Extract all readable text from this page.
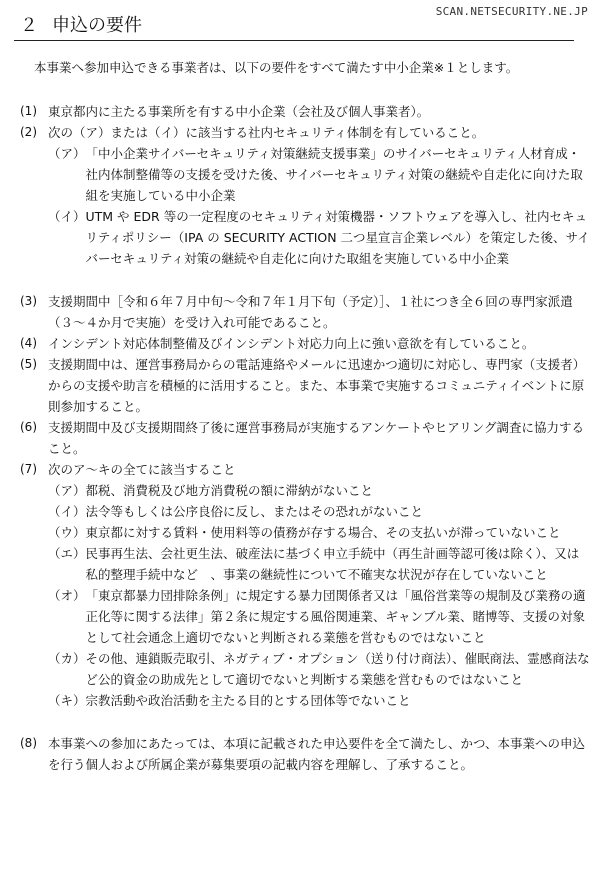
SCAN.NETSECURITY.NE.JP
２ 申込の要件
本事業へ参加申込できる事業者は、以下の要件をすべて満たす中小企業※１とします。
(1) 東京都内に主たる事業所を有する中小企業（会社及び個人事業者）。
(2) 次の（ア）または（イ）に該当する社内セキュリティ体制を有していること。
（ア） 「中小企業サイバーセキュリティ対策継続支援事業」のサイバーセキュリティ人材育成・社内体制整備等の支援を受けた後、サイバーセキュリティ対策の継続や自走化に向けた取組を実施している中小企業
（イ） UTM や EDR 等の一定程度のセキュリティ対策機器・ソフトウェアを導入し、社内セキュリティポリシー（IPA の SECURITY ACTION 二つ星宣言企業レベル）を策定した後、サイバーセキュリティ対策の継続や自走化に向けた取組を実施している中小企業
(3) 支援期間中［令和６年７月中旬～令和７年１月下旬（予定）］、１社につき全６回の専門家派遣（３～４か月で実施）を受け入れ可能であること。
(4) インシデント対応体制整備及びインシデント対応力向上に強い意欲を有していること。
(5) 支援期間中は、運営事務局からの電話連絡やメールに迅速かつ適切に対応し、専門家（支援者）からの支援や助言を積極的に活用すること。また、本事業で実施するコミュニティイベントに原則参加すること。
(6) 支援期間中及び支援期間終了後に運営事務局が実施するアンケートやヒアリング調査に協力すること。
(7) 次のア～キの全てに該当すること
（ア） 都税、消費税及び地方消費税の額に滞納がないこと
（イ） 法令等もしくは公序良俗に反し、またはその恐れがないこと
（ウ） 東京都に対する賃料・使用料等の債務が存する場合、その支払いが滞っていないこと
（エ） 民事再生法、会社更生法、破産法に基づく申立手続中（再生計画等認可後は除く）、又は私的整理手続中など　、事業の継続性について不確実な状況が存在していないこと
（オ） 「東京都暴力団排除条例」に規定する暴力団関係者又は「風俗営業等の規制及び業務の適正化等に関する法律」第２条に規定する風俗関連業、ギャンブル業、賭博等、支援の対象として社会通念上適切でないと判断される業態を営むものではないこと
（カ） その他、連鎖販売取引、ネガティブ・オプション（送り付け商法）、催眠商法、霊感商法など公的資金の助成先として適切でないと判断する業態を営むものではないこと
（キ） 宗教活動や政治活動を主たる目的とする団体等でないこと
(8) 本事業への参加にあたっては、本項に記載された申込要件を全て満たし、かつ、本事業への申込を行う個人および所属企業が募集要項の記載内容を理解し、了承すること。
